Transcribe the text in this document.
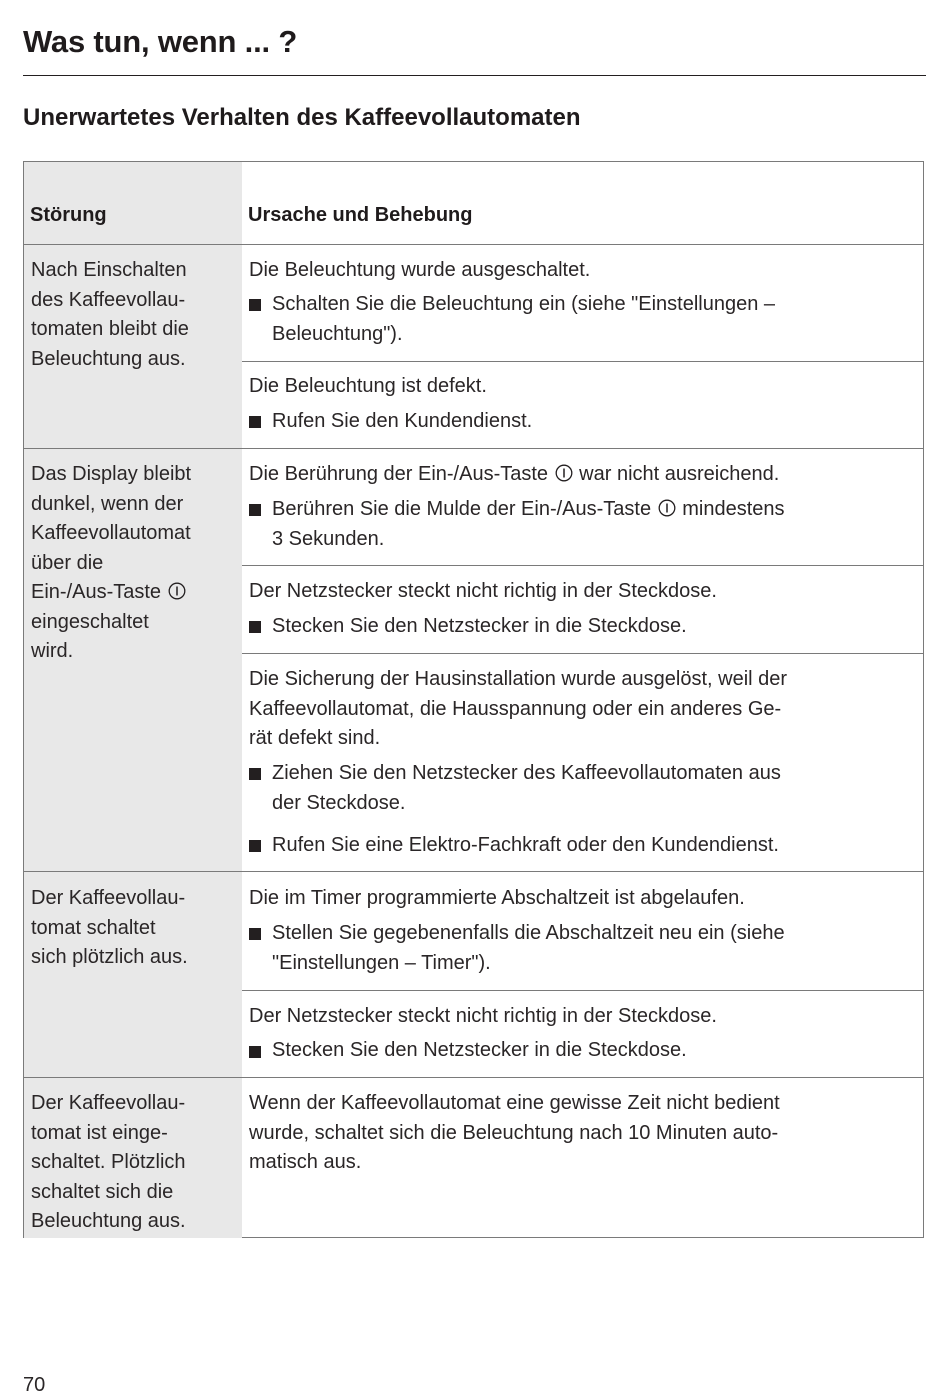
Was tun, wenn ... ?
Unerwartetes Verhalten des Kaffeevollautomaten
Störung	Ursache und Behebung
Nach Einschalten
des Kaffeevollau-
tomaten bleibt die
Beleuchtung aus.
Die Beleuchtung wurde ausgeschaltet.
Schalten Sie die Beleuchtung ein (siehe "Einstellungen –
Beleuchtung").
Die Beleuchtung ist defekt.
Rufen Sie den Kundendienst.
Das Display bleibt
dunkel, wenn der
Kaffeevollautomat
über die
Ein-/Aus-Taste
eingeschaltet
wird.
Die Berührung der Ein-/Aus-Taste war nicht ausreichend.
Berühren Sie die Mulde der Ein-/Aus-Taste mindestens
3 Sekunden.
Der Netzstecker steckt nicht richtig in der Steckdose.
Stecken Sie den Netzstecker in die Steckdose.
Die Sicherung der Hausinstallation wurde ausgelöst, weil der
Kaffeevollautomat, die Hausspannung oder ein anderes Ge-
rät defekt sind.
Ziehen Sie den Netzstecker des Kaffeevollautomaten aus
der Steckdose.
Rufen Sie eine Elektro-Fachkraft oder den Kundendienst.
Der Kaffeevollau-
tomat schaltet
sich plötzlich aus.
Die im Timer programmierte Abschaltzeit ist abgelaufen.
Stellen Sie gegebenenfalls die Abschaltzeit neu ein (siehe
"Einstellungen – Timer").
Der Netzstecker steckt nicht richtig in der Steckdose.
Stecken Sie den Netzstecker in die Steckdose.
Der Kaffeevollau-
tomat ist einge-
schaltet. Plötzlich
schaltet sich die
Beleuchtung aus.
Wenn der Kaffeevollautomat eine gewisse Zeit nicht bedient
wurde, schaltet sich die Beleuchtung nach 10 Minuten auto-
matisch aus.
70
